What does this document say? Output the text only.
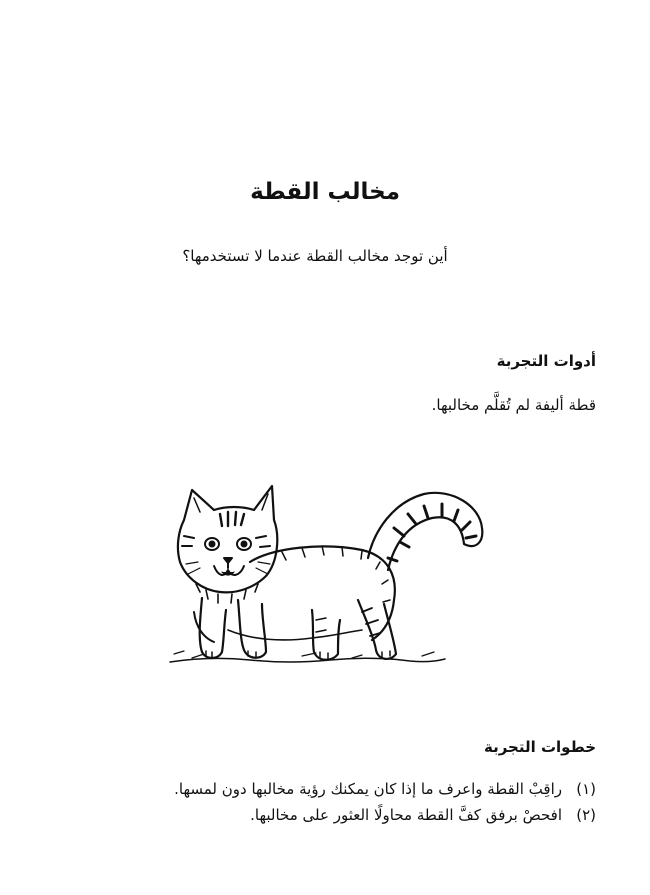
مخالب القطة

أين توجد مخالب القطة عندما لا تستخدمها؟

أدوات التجربة

قطة أليفة لم تُقلَّم مخالبها.

خطوات التجربة
(١)
راقِبْ القطة واعرف ما إذا كان يمكنك رؤية مخالبها دون لمسها.
(٢)
افحصْ برفق كفَّ القطة محاولًا العثور على مخالبها.
